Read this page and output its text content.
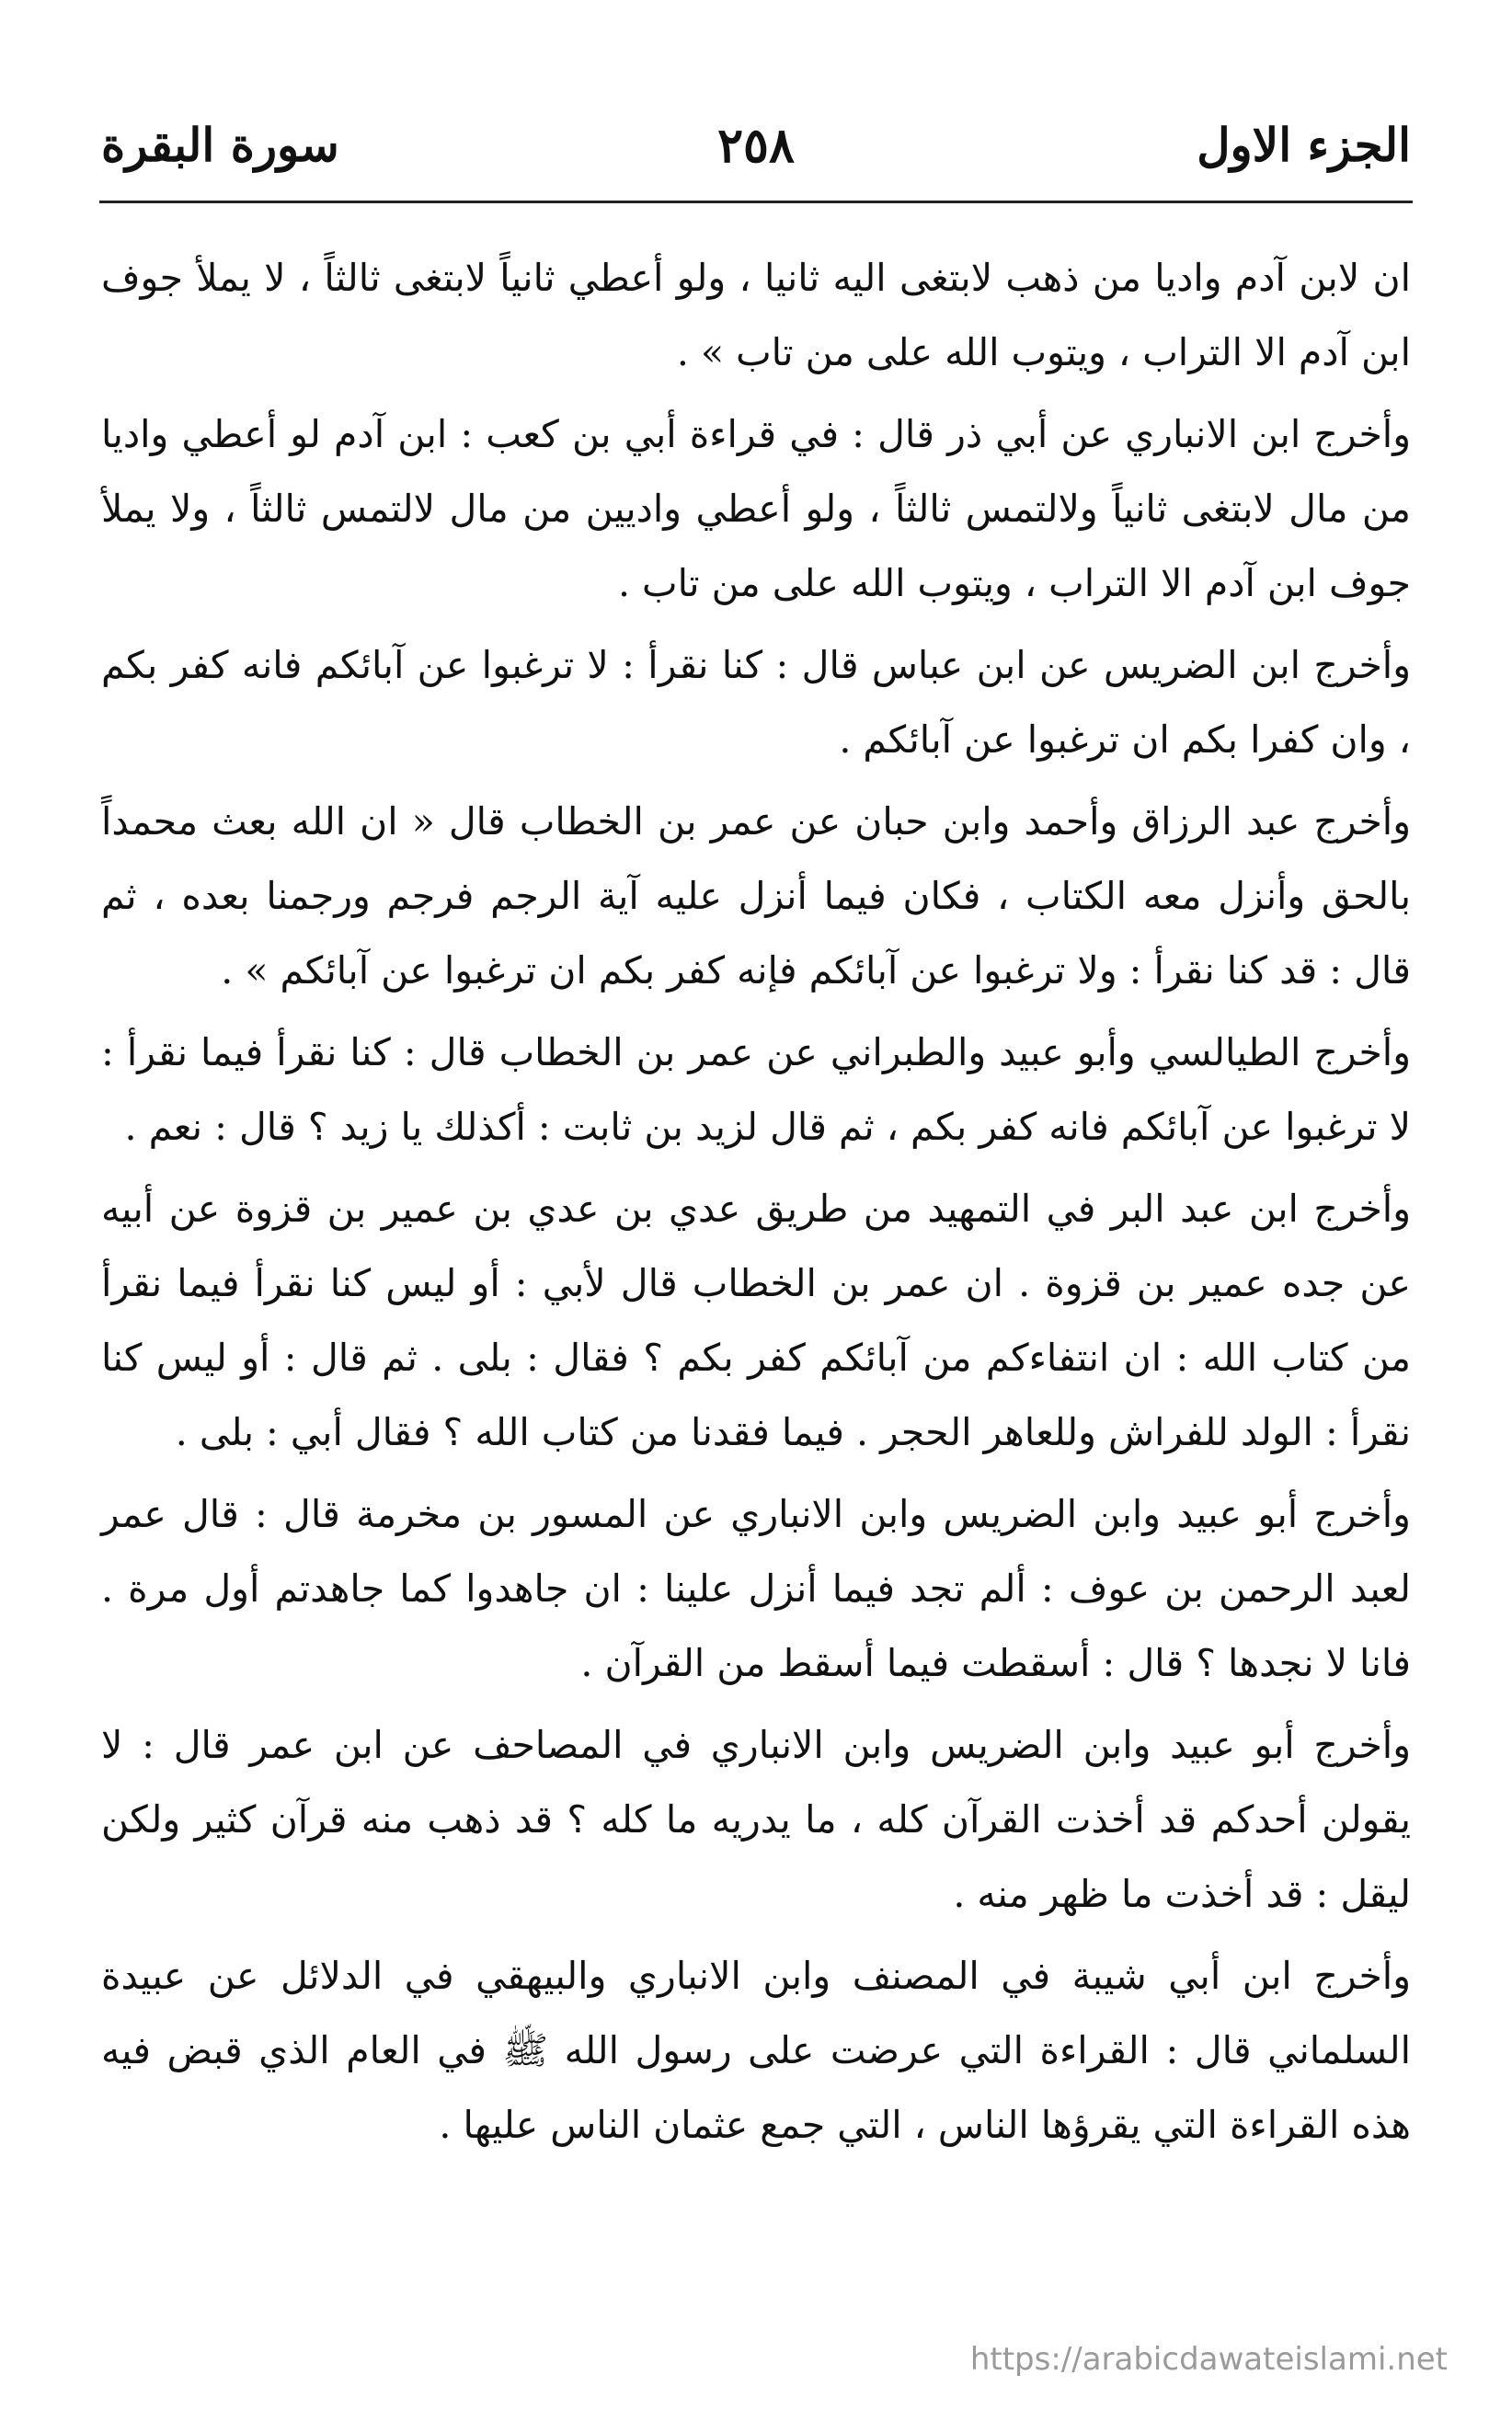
الجزء الاول
٢٥٨
سورة البقرة

ان لابن آدم واديا من ذهب لابتغى اليه ثانيا ، ولو أعطي ثانياً لابتغى ثالثاً ، لا يملأ جوف ابن آدم الا التراب ، ويتوب الله على من تاب » .

وأخرج ابن الانباري عن أبي ذر قال : في قراءة أبي بن كعب : ابن آدم لو أعطي واديا من مال لابتغى ثانياً ولالتمس ثالثاً ، ولو أعطي واديين من مال لالتمس ثالثاً ، ولا يملأ جوف ابن آدم الا التراب ، ويتوب الله على من تاب .

وأخرج ابن الضريس عن ابن عباس قال : كنا نقرأ : لا ترغبوا عن آبائكم فانه كفر بكم ، وان كفرا بكم ان ترغبوا عن آبائكم .

وأخرج عبد الرزاق وأحمد وابن حبان عن عمر بن الخطاب قال « ان الله بعث محمداً بالحق وأنزل معه الكتاب ، فكان فيما أنزل عليه آية الرجم فرجم ورجمنا بعده ، ثم قال : قد كنا نقرأ : ولا ترغبوا عن آبائكم فإنه كفر بكم ان ترغبوا عن آبائكم » .

وأخرج الطيالسي وأبو عبيد والطبراني عن عمر بن الخطاب قال : كنا نقرأ فيما نقرأ : لا ترغبوا عن آبائكم فانه كفر بكم ، ثم قال لزيد بن ثابت : أكذلك يا زيد ؟ قال : نعم .

وأخرج ابن عبد البر في التمهيد من طريق عدي بن عدي بن عمير بن قزوة عن أبيه عن جده عمير بن قزوة . ان عمر بن الخطاب قال لأبي : أو ليس كنا نقرأ فيما نقرأ من كتاب الله : ان انتفاءكم من آبائكم كفر بكم ؟ فقال : بلى . ثم قال : أو ليس كنا نقرأ : الولد للفراش وللعاهر الحجر . فيما فقدنا من كتاب الله ؟ فقال أبي : بلى .

وأخرج أبو عبيد وابن الضريس وابن الانباري عن المسور بن مخرمة قال : قال عمر لعبد الرحمن بن عوف : ألم تجد فيما أنزل علينا : ان جاهدوا كما جاهدتم أول مرة . فانا لا نجدها ؟ قال : أسقطت فيما أسقط من القرآن .

وأخرج أبو عبيد وابن الضريس وابن الانباري في المصاحف عن ابن عمر قال : لا يقولن أحدكم قد أخذت القرآن كله ، ما يدريه ما كله ؟ قد ذهب منه قرآن كثير ولكن ليقل : قد أخذت ما ظهر منه .

وأخرج ابن أبي شيبة في المصنف وابن الانباري والبيهقي في الدلائل عن عبيدة السلماني قال : القراءة التي عرضت على رسول الله ﷺ في العام الذي قبض فيه هذه القراءة التي يقرؤها الناس ، التي جمع عثمان الناس عليها .

https://arabicdawateislami.net
